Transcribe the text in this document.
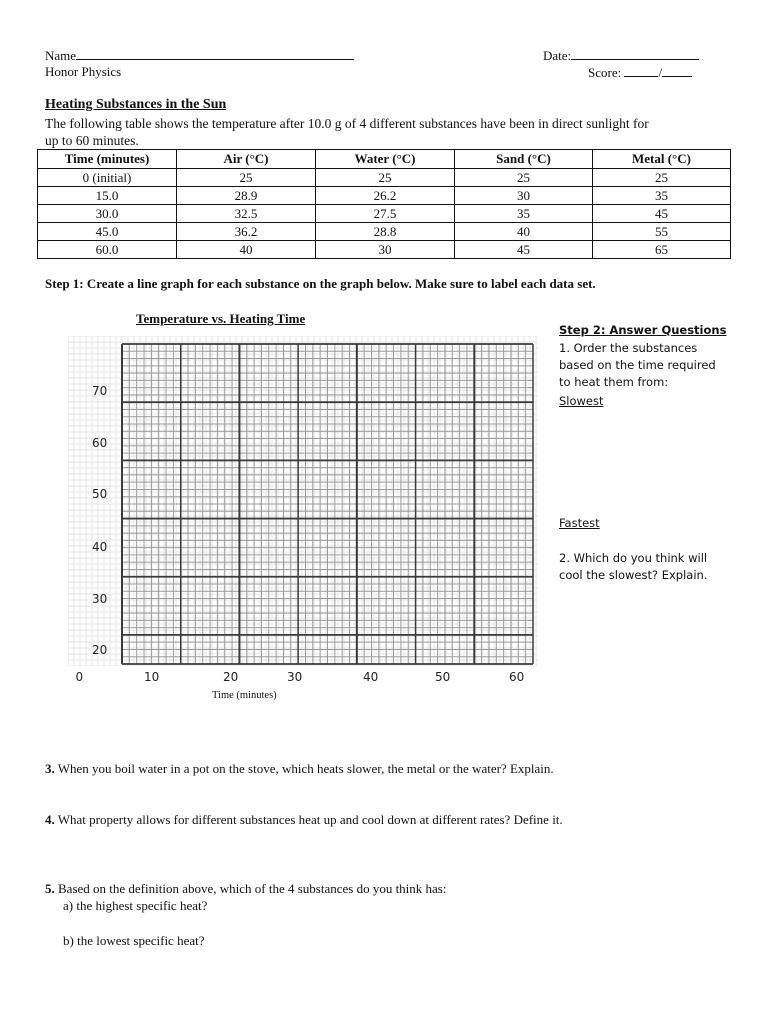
Name	Date:
Honor Physics	Score:	/
Heating Substances in the Sun
The following table shows the temperature after 10.0 g of 4 different substances have been in direct sunlight for
up to 60 minutes.
Time (minutes)	Air (°C)	Water (°C)	Sand (°C)	Metal (°C)
0 (initial)	25	25	25	25
15.0	28.9	26.2	30	35
30.0	32.5	27.5	35	45
45.0	36.2	28.8	40	55
60.0	40	30	45	65
Step 1: Create a line graph for each substance on the graph below. Make sure to label each data set.
Temperature vs. Heating Time
20
30
40
50
60
70
0	10	20	30	40	50	60
Time (minutes)
Step 2: Answer Questions
1. Order the substances
based on the time required
to heat them from:
Slowest
Fastest
2. Which do you think will
cool the slowest? Explain.
3. When you boil water in a pot on the stove, which heats slower, the metal or the water? Explain.
4. What property allows for different substances heat up and cool down at different rates? Define it.
5. Based on the definition above, which of the 4 substances do you think has:
a) the highest specific heat?
b) the lowest specific heat?
